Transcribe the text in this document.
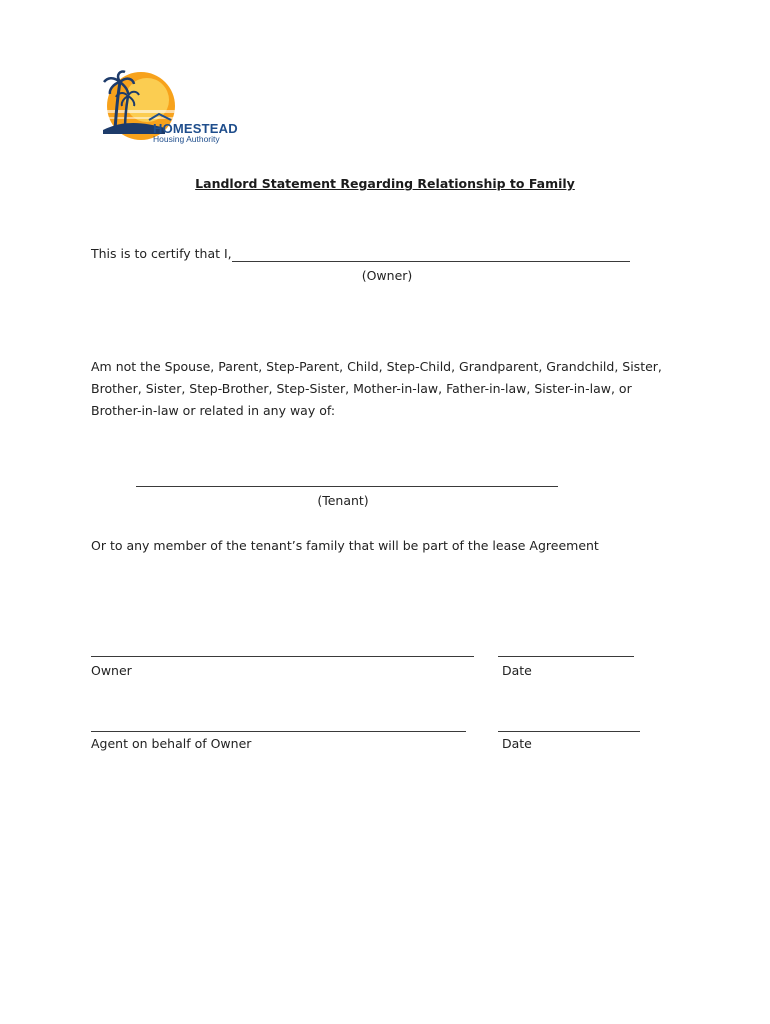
HOMESTEAD
Housing Authority
Landlord Statement Regarding Relationship to Family
This is to certify that I,
(Owner)
Am not the Spouse, Parent, Step-Parent, Child, Step-Child, Grandparent, Grandchild, Sister,
Brother, Sister, Step-Brother, Step-Sister, Mother-in-law, Father-in-law, Sister-in-law, or
Brother-in-law or related in any way of:
(Tenant)
Or to any member of the tenant’s family that will be part of the lease Agreement
Owner	Date
Agent on behalf of Owner	Date
